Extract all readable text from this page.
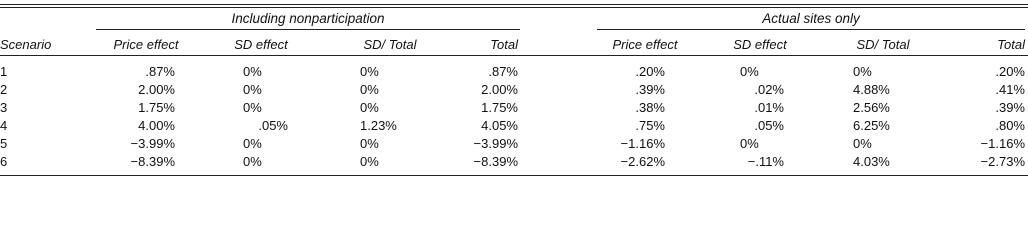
Including nonparticipation	Actual sites only
Scenario	Price effect	SD effect	SD/ Total	Total	Price effect	SD effect	SD/ Total	Total
1	.87%	0%	0%	.87%	.20%	0%	0%	.20%
2	2.00%	0%	0%	2.00%	.39%	.02%	4.88%	.41%
3	1.75%	0%	0%	1.75%	.38%	.01%	2.56%	.39%
4	4.00%	.05%	1.23%	4.05%	.75%	.05%	6.25%	.80%
5	−3.99%	0%	0%	−3.99%	−1.16%	0%	0%	−1.16%
6	−8.39%	0%	0%	−8.39%	−2.62%	−.11%	4.03%	−2.73%
